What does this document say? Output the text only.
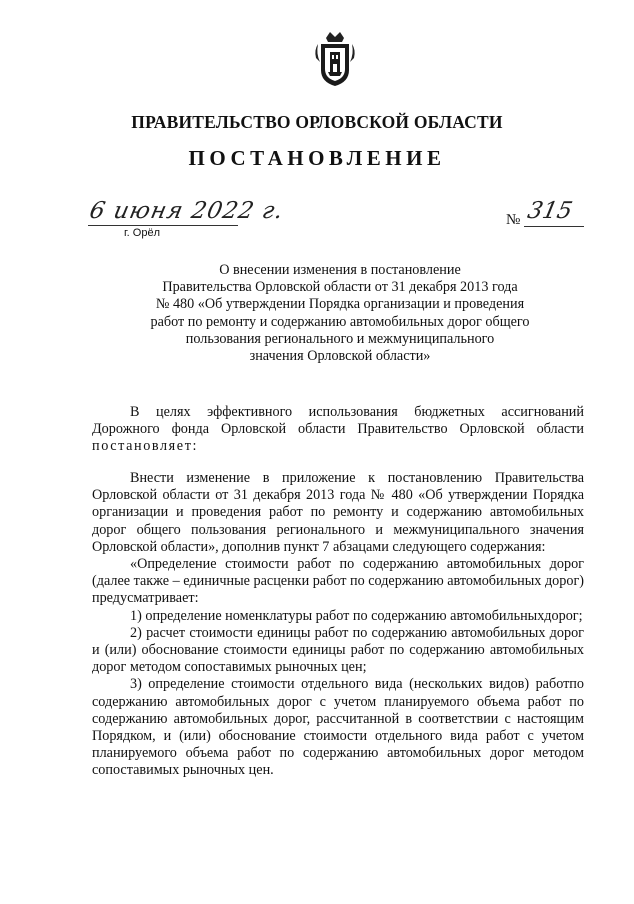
ПРАВИТЕЛЬСТВО ОРЛОВСКОЙ ОБЛАСТИ
ПОСТАНОВЛЕНИЕ
6 июня 2022 г.
г. Орёл
№ 315
О внесении изменения в постановление
Правительства Орловской области от 31 декабря 2013 года
№ 480 «Об утверждении Порядка организации и проведения
работ по ремонту и содержанию автомобильных дорог общего
пользования регионального и межмуниципального
значения Орловской области»

В целях эффективного использования бюджетных ассигнований Дорожного фонда Орловской области Правительство Орловской области постановляет:

Внести изменение в приложение к постановлению Правительства Орловской области от 31 декабря 2013 года № 480 «Об утверждении Порядка организации и проведения работ по ремонту и содержанию автомобильных дорог общего пользования регионального и межмуниципального значения Орловской области», дополнив пункт 7 абзацами следующего содержания:

«Определение стоимости работ по содержанию автомобильных дорог (далее также – единичные расценки работ по содержанию автомобильных дорог) предусматривает:

1) определение номенклатуры работ по содержанию автомобильныхдорог;

2) расчет стоимости единицы работ по содержанию автомобильных дорог и (или) обоснование стоимости единицы работ по содержанию автомобильных дорог методом сопоставимых рыночных цен;

3) определение стоимости отдельного вида (нескольких видов) работпо содержанию автомобильных дорог с учетом планируемого объема работ по содержанию автомобильных дорог, рассчитанной в соответствии с настоящим Порядком, и (или) обоснование стоимости отдельного вида работ с учетом планируемого объема работ по содержанию автомобильных дорог методом сопоставимых рыночных цен.
